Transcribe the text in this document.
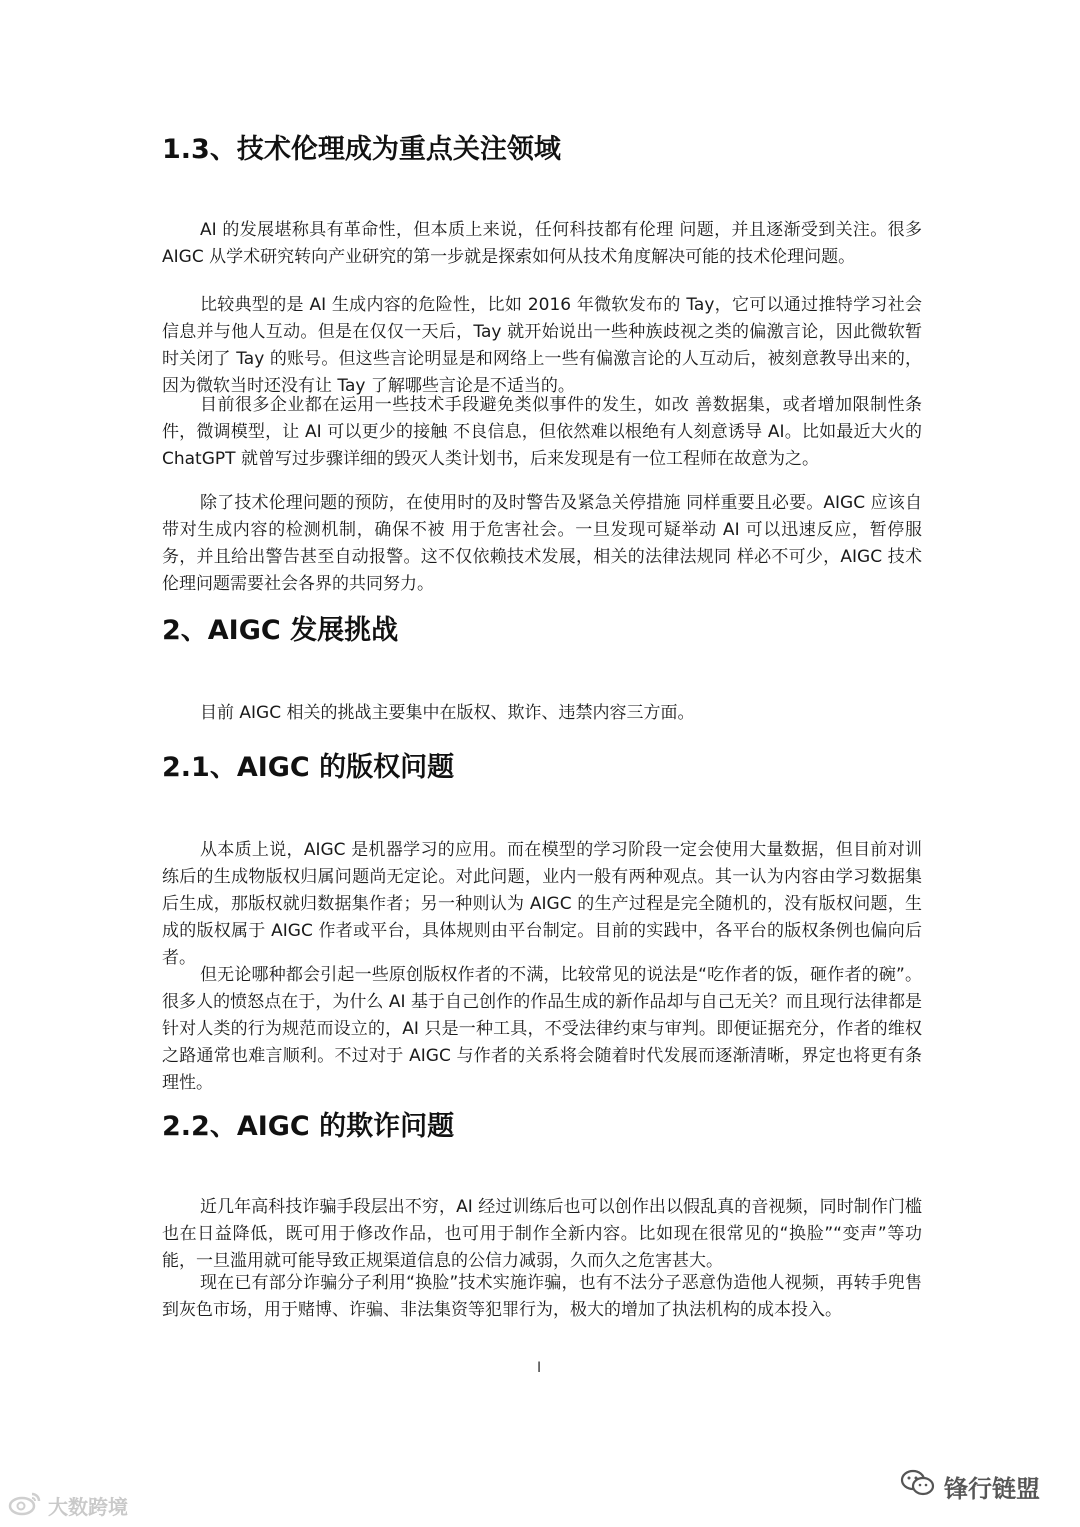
1.3、技术伦理成为重点关注领域

AI 的发展堪称具有革命性，但本质上来说，任何科技都有伦理 问题，并且逐渐受到关注。很多 AIGC 从学术研究转向产业研究的第一步就是探索如何从技术角度解决可能的技术伦理问题。

比较典型的是 AI 生成内容的危险性，比如 2016 年微软发布的 Tay，它可以通过推特学习社会信息并与他人互动。但是在仅仅一天后，Tay 就开始说出一些种族歧视之类的偏激言论，因此微软暂时关闭了 Tay 的账号。但这些言论明显是和网络上一些有偏激言论的人互动后，被刻意教导出来的，因为微软当时还没有让 Tay 了解哪些言论是不适当的。

目前很多企业都在运用一些技术手段避免类似事件的发生，如改 善数据集，或者增加限制性条件，微调模型，让 AI 可以更少的接触 不良信息，但依然难以根绝有人刻意诱导 AI。比如最近大火的 ChatGPT 就曾写过步骤详细的毁灭人类计划书，后来发现是有一位工程师在故意为之。

除了技术伦理问题的预防，在使用时的及时警告及紧急关停措施 同样重要且必要。AIGC 应该自带对生成内容的检测机制，确保不被 用于危害社会。一旦发现可疑举动 AI 可以迅速反应，暂停服务，并且给出警告甚至自动报警。这不仅依赖技术发展，相关的法律法规同 样必不可少，AIGC 技术伦理问题需要社会各界的共同努力。

2、AIGC 发展挑战

目前 AIGC 相关的挑战主要集中在版权、欺诈、违禁内容三方面。

2.1、AIGC 的版权问题

从本质上说，AIGC 是机器学习的应用。而在模型的学习阶段一定会使用大量数据，但目前对训练后的生成物版权归属问题尚无定论。对此问题，业内一般有两种观点。其一认为内容由学习数据集后生成，那版权就归数据集作者；另一种则认为 AIGC 的生产过程是完全随机的，没有版权问题，生成的版权属于 AIGC 作者或平台，具体规则由平台制定。目前的实践中，各平台的版权条例也偏向后者。

但无论哪种都会引起一些原创版权作者的不满，比较常见的说法是“吃作者的饭，砸作者的碗”。很多人的愤怒点在于，为什么 AI 基于自己创作的作品生成的新作品却与自己无关？而且现行法律都是针对人类的行为规范而设立的，AI 只是一种工具，不受法律约束与审判。即便证据充分，作者的维权之路通常也难言顺利。不过对于 AIGC 与作者的关系将会随着时代发展而逐渐清晰，界定也将更有条理性。

2.2、AIGC 的欺诈问题

近几年高科技诈骗手段层出不穷，AI 经过训练后也可以创作出以假乱真的音视频，同时制作门槛也在日益降低，既可用于修改作品，也可用于制作全新内容。比如现在很常见的“换脸”“变声”等功能，一旦滥用就可能导致正规渠道信息的公信力减弱，久而久之危害甚大。

现在已有部分诈骗分子利用“换脸”技术实施诈骗，也有不法分子恶意伪造他人视频，再转手兜售到灰色市场，用于赌博、诈骗、非法集资等犯罪行为，极大的增加了执法机构的成本投入。

I
大数跨境
锋行链盟
